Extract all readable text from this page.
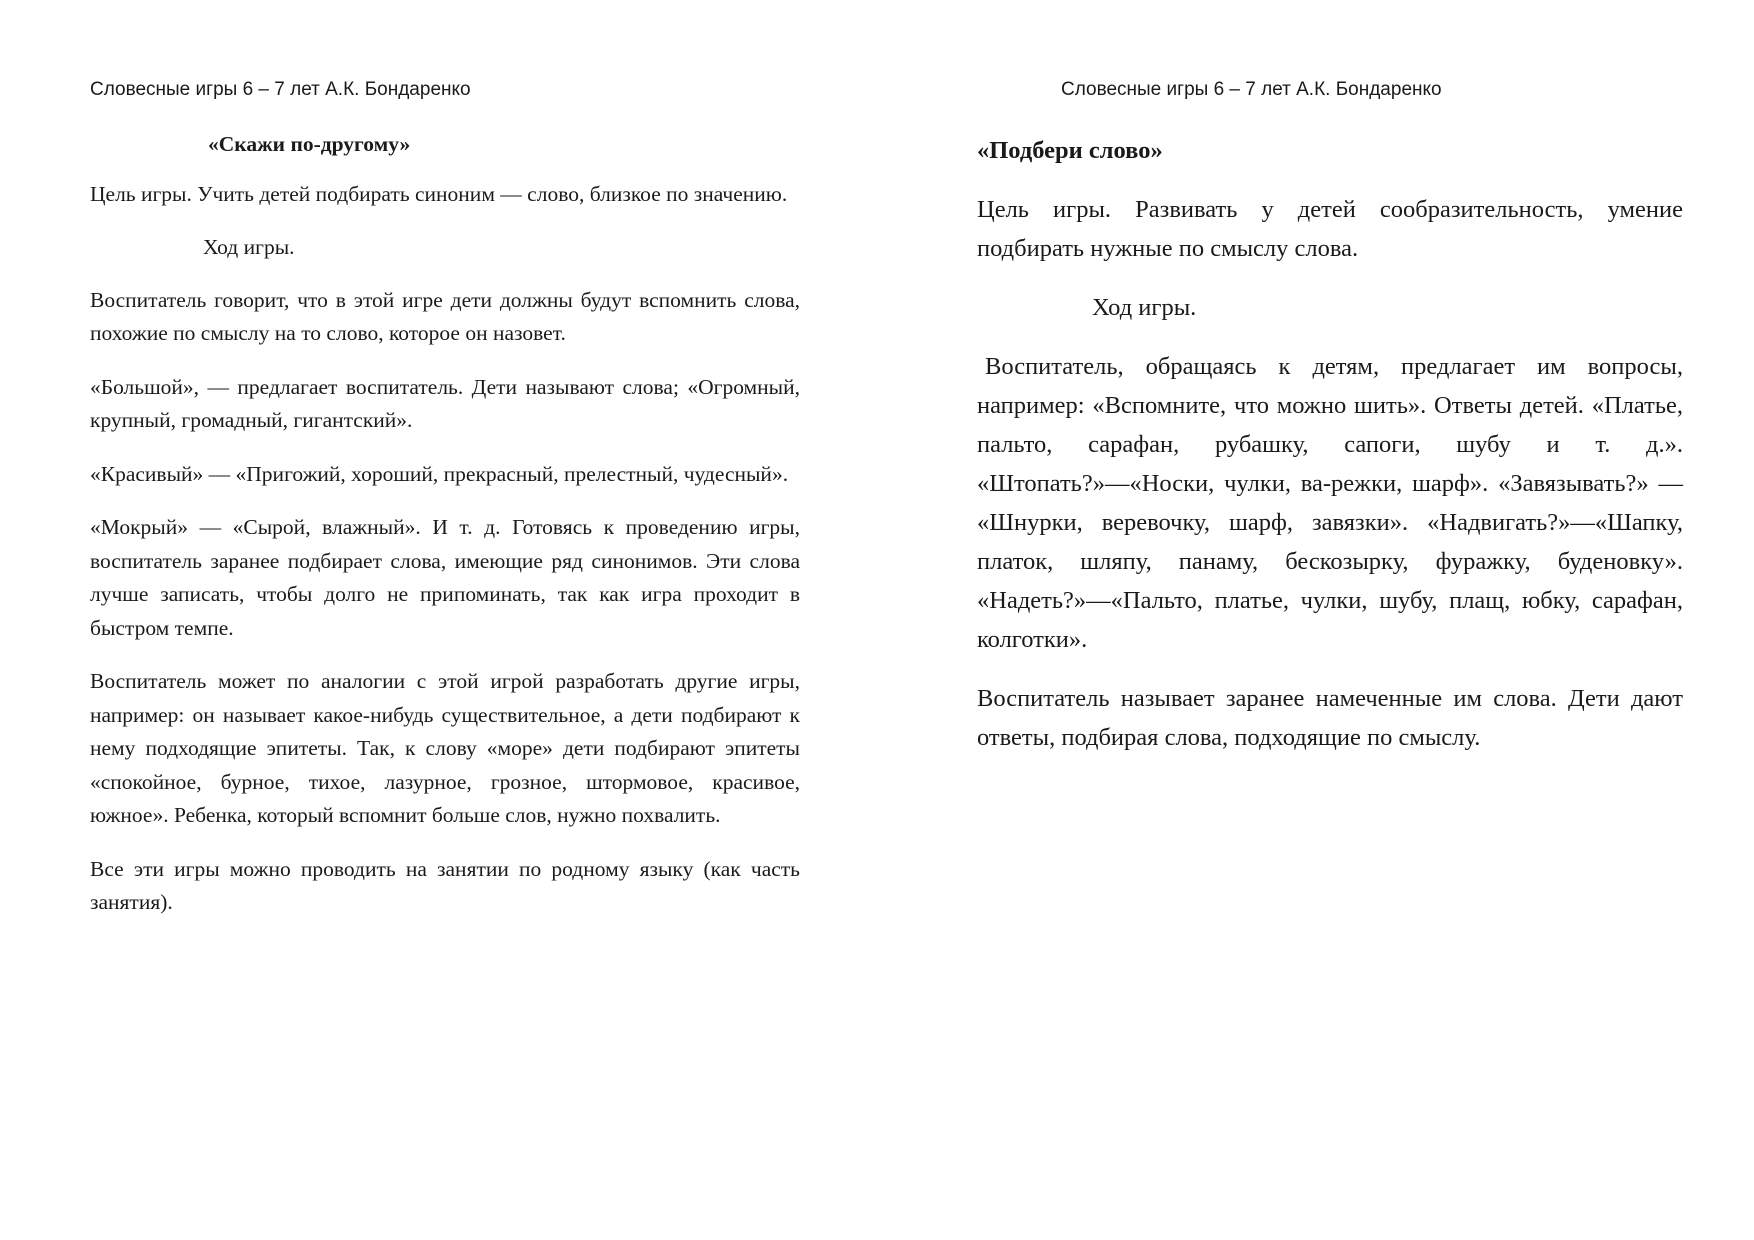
Словесные игры 6 – 7 лет А.К. Бондаренко

«Скажи по-другому»

Цель игры. Учить детей подбирать синоним — слово, близкое по значению.

Ход игры.

Воспитатель говорит, что в этой игре дети должны будут вспомнить слова, похожие по смыслу на то слово, которое он назовет.

«Большой», — предлагает воспитатель. Дети называют слова; «Огромный, крупный, громадный, гигантский».

«Красивый» — «Пригожий, хороший, прекрасный, прелестный, чудесный».

«Мокрый» — «Сырой, влажный». И т. д. Готовясь к проведению игры, воспитатель заранее подбирает слова, имеющие ряд синонимов. Эти слова лучше записать, чтобы долго не припоминать, так как игра проходит в быстром темпе.

Воспитатель может по аналогии с этой игрой разработать другие игры, например: он называет какое-нибудь существительное, а дети подбирают к нему подходящие эпитеты. Так, к слову «море» дети подбирают эпитеты «спокойное, бурное, тихое, лазурное, грозное, штормовое, красивое, южное». Ребенка, который вспомнит больше слов, нужно похвалить.

Все эти игры можно проводить на занятии по родному языку (как часть занятия).

Словесные игры 6 – 7 лет А.К. Бондаренко

«Подбери слово»

Цель игры. Развивать у детей сообразительность, умение подбирать нужные по смыслу слова.

Ход игры.

Воспитатель, обращаясь к детям, предлагает им вопросы, например: «Вспомните, что можно шить». Ответы детей. «Платье, пальто, сарафан, рубашку, сапоги, шубу и т. д.». «Штопать?»—«Носки, чулки, ва-режки, шарф». «Завязывать?» — «Шнурки, веревочку, шарф, завязки». «Надвигать?»—«Шапку, платок, шляпу, панаму, бескозырку, фуражку, буденовку». «Надеть?»—«Пальто, платье, чулки, шубу, плащ, юбку, сарафан, колготки».

Воспитатель называет заранее намеченные им слова. Дети дают ответы, подбирая слова, подходящие по смыслу.
